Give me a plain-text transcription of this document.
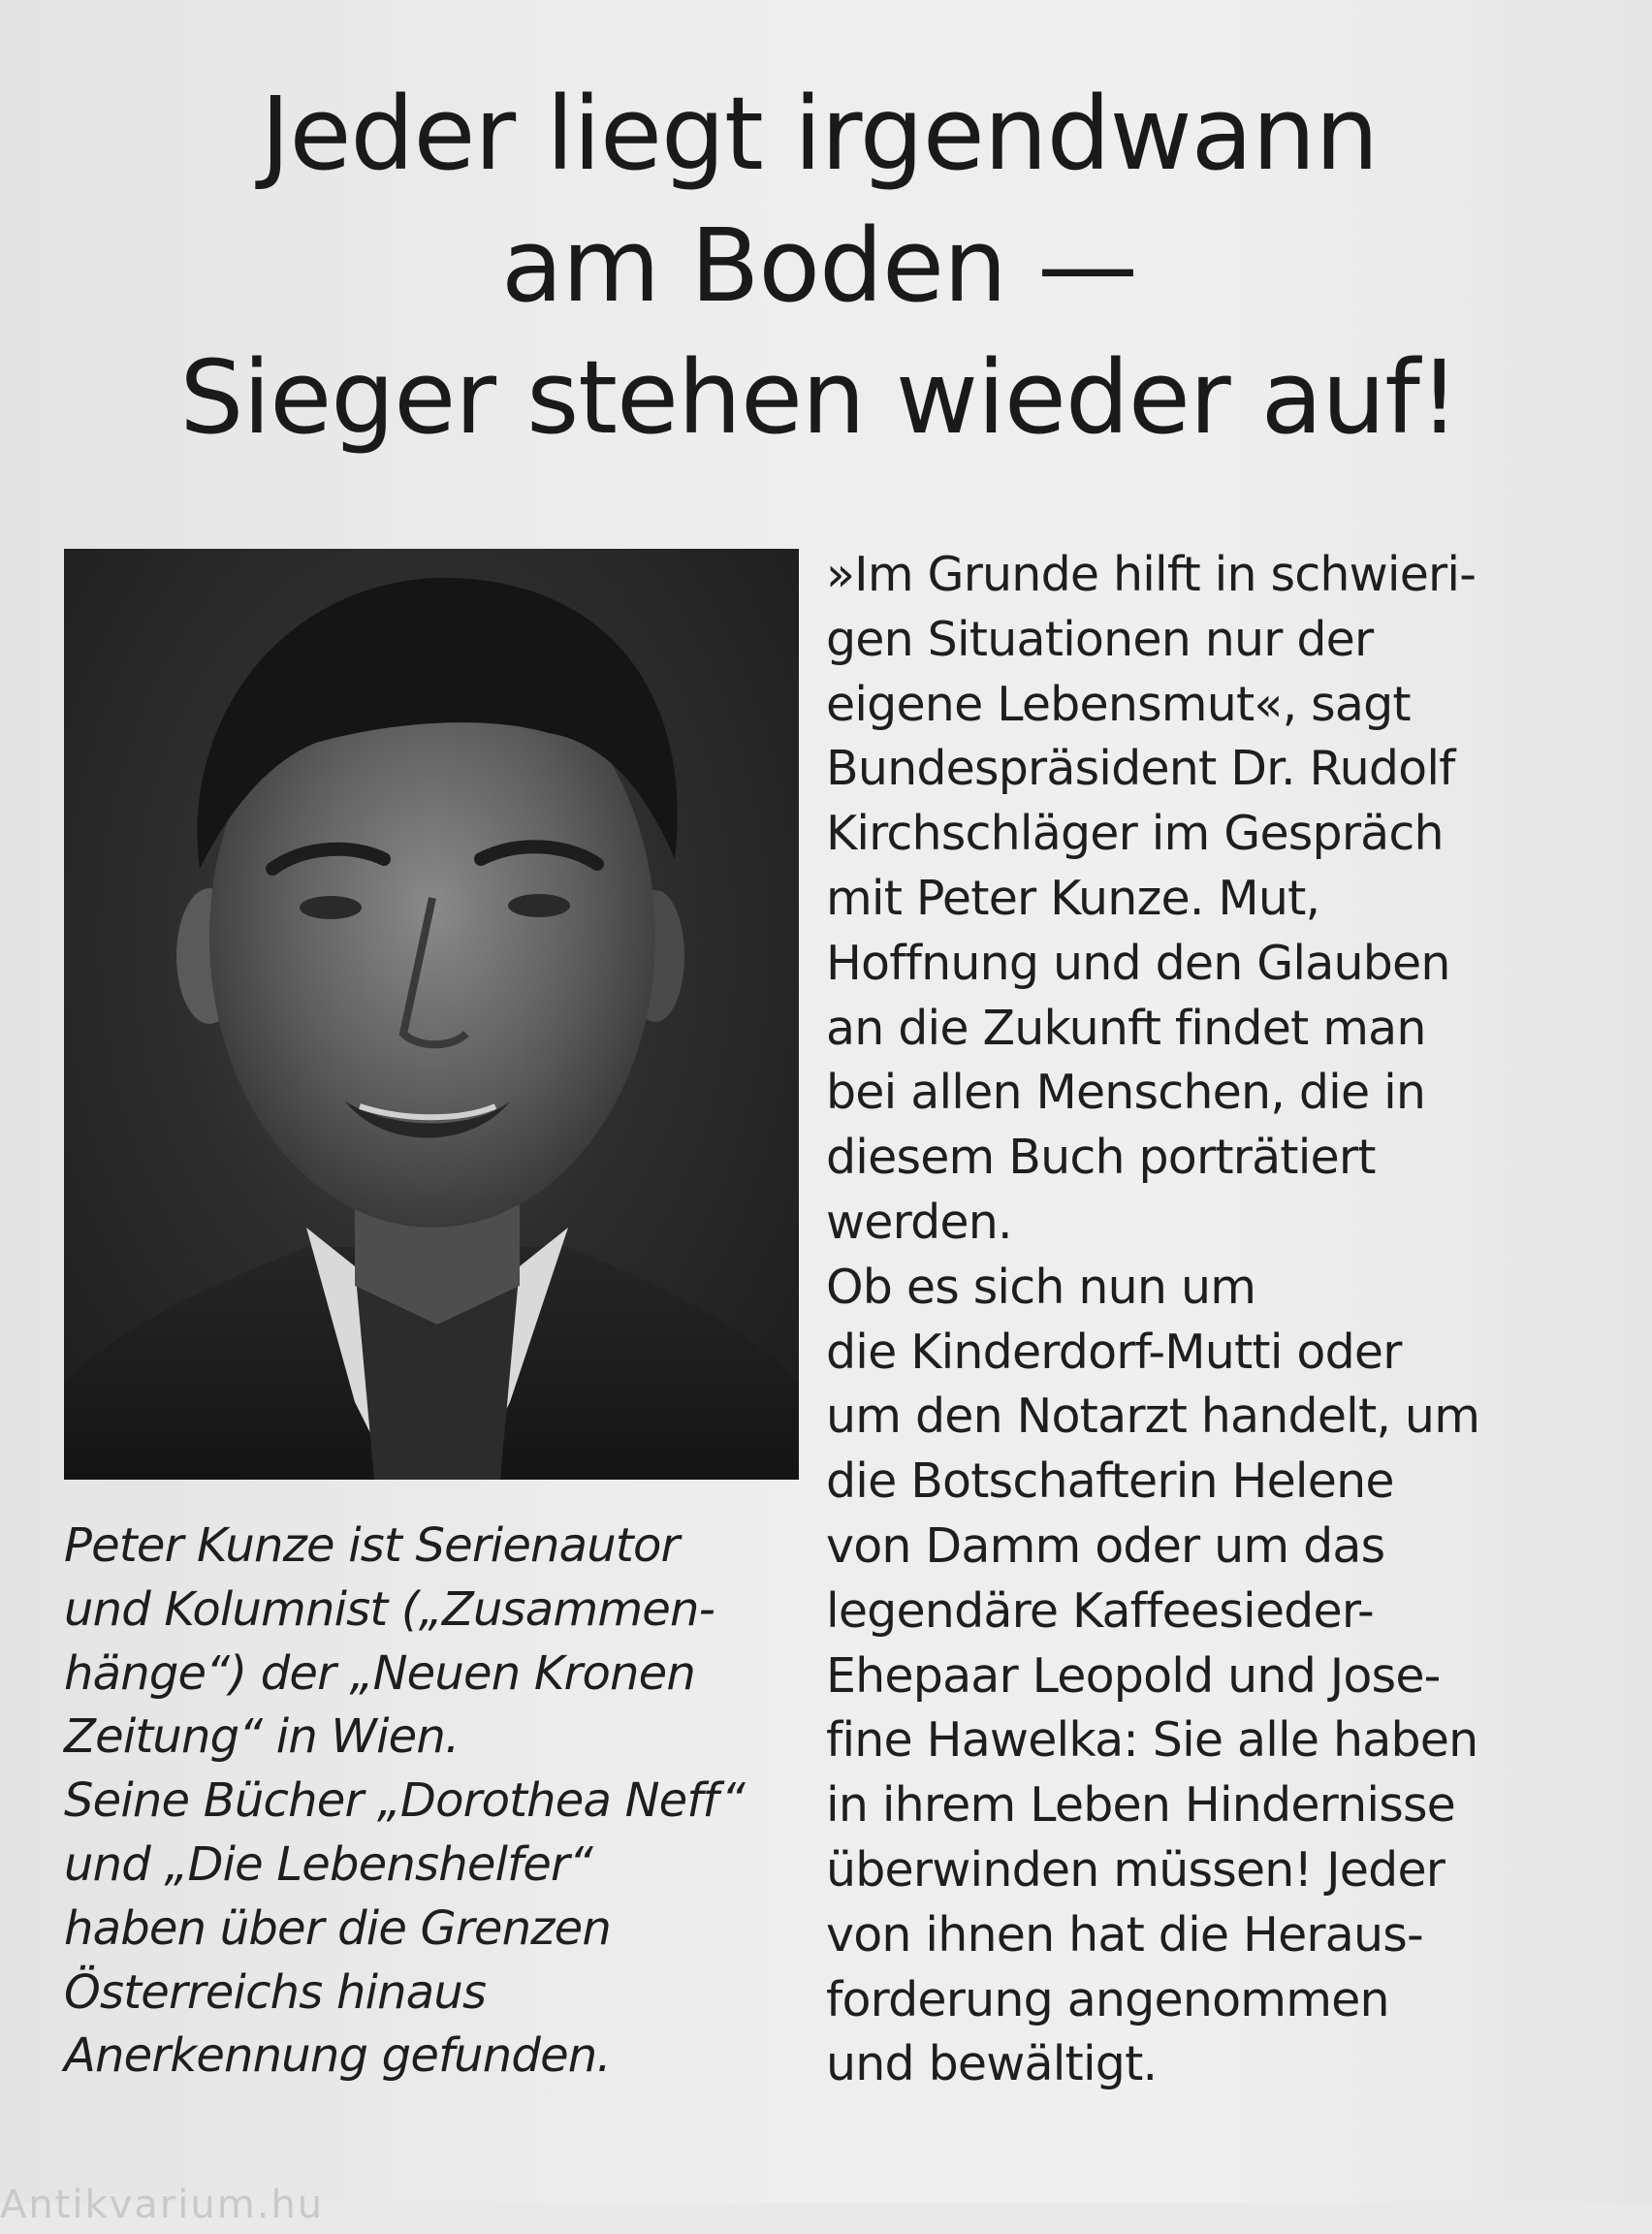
Jeder liegt irgendwann
am Boden —
Sieger stehen wieder auf!
Peter Kunze ist Serienautor
und Kolumnist („Zusammen-
hänge“) der „Neuen Kronen
Zeitung“ in Wien.
Seine Bücher „Dorothea Neff“
und „Die Lebenshelfer“
haben über die Grenzen
Österreichs hinaus
Anerkennung gefunden.
»Im Grunde hilft in schwieri-
gen Situationen nur der
eigene Lebensmut«, sagt
Bundespräsident Dr. Rudolf
Kirchschläger im Gespräch
mit Peter Kunze. Mut,
Hoffnung und den Glauben
an die Zukunft findet man
bei allen Menschen, die in
diesem Buch porträtiert
werden.
Ob es sich nun um
die Kinderdorf-Mutti oder
um den Notarzt handelt, um
die Botschafterin Helene
von Damm oder um das
legendäre Kaffeesieder-
Ehepaar Leopold und Jose-
fine Hawelka: Sie alle haben
in ihrem Leben Hindernisse
überwinden müssen! Jeder
von ihnen hat die Heraus-
forderung angenommen
und bewältigt.
Antikvarium.hu
